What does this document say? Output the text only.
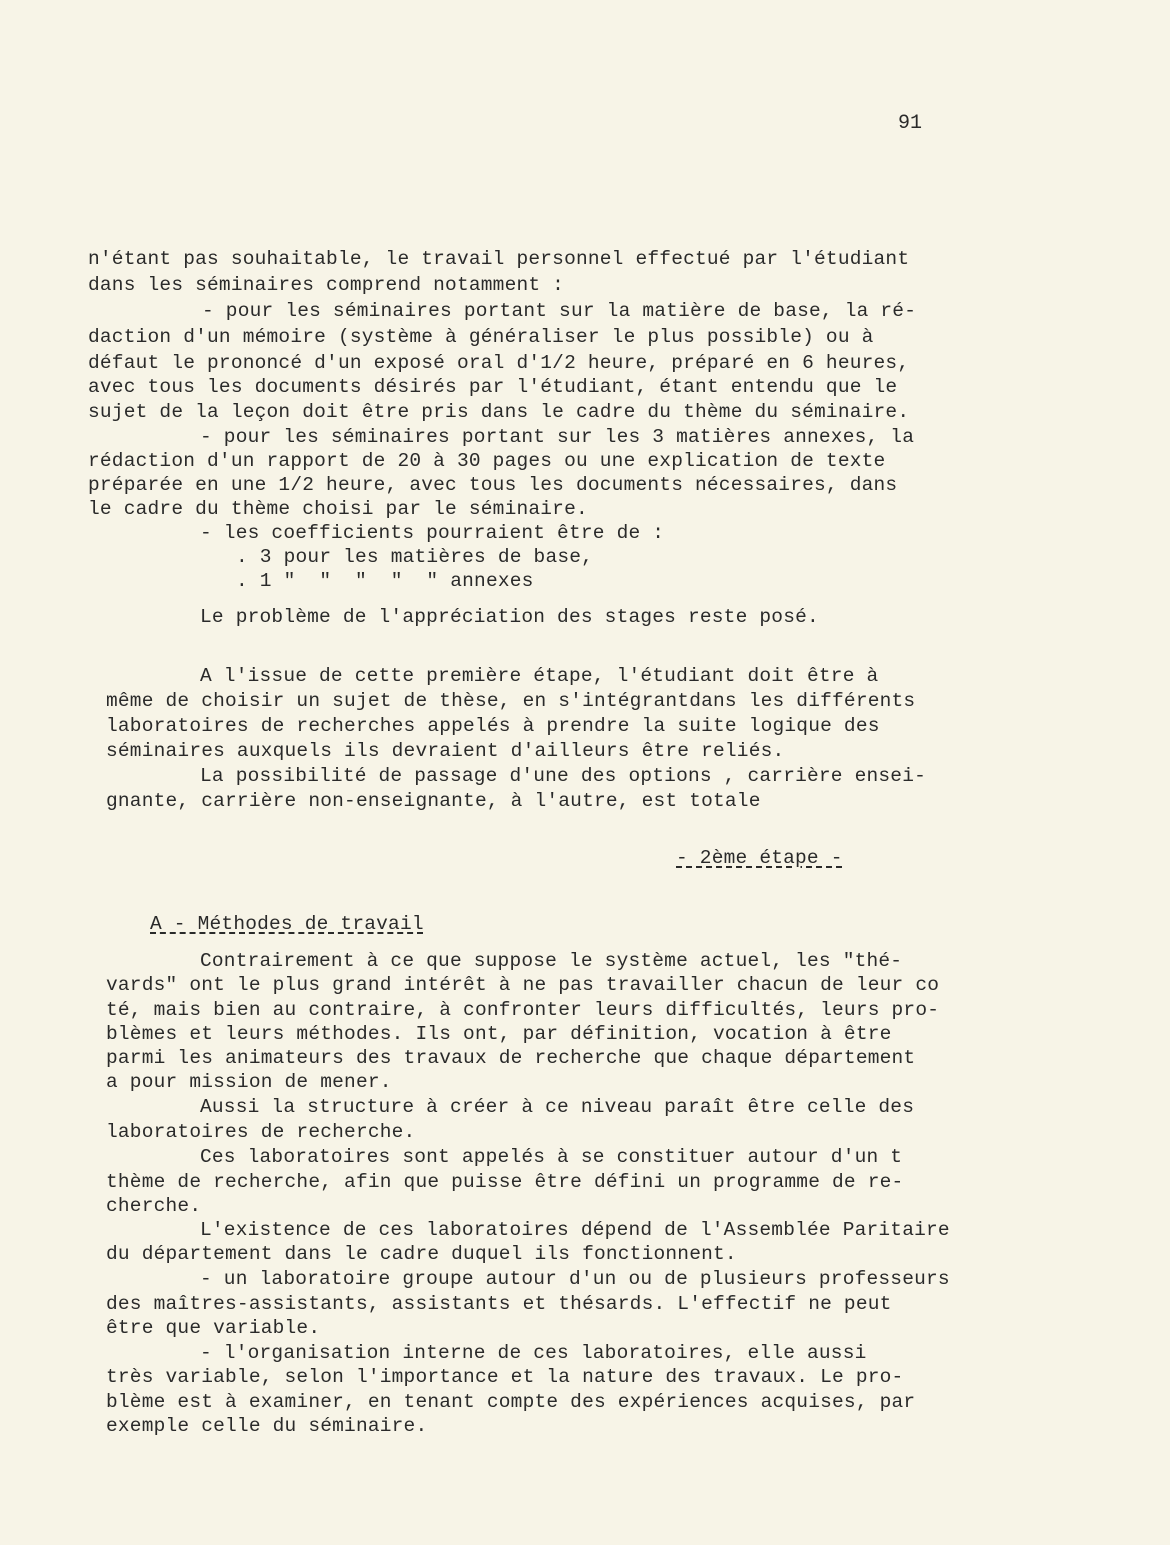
91
n'étant pas souhaitable, le travail personnel effectué par l'étudiant
dans les séminaires comprend notamment :
- pour les séminaires portant sur la matière de base, la ré-
daction d'un mémoire (système à généraliser le plus possible) ou à
défaut le prononcé d'un exposé oral d'1/2 heure, préparé en 6 heures,
avec tous les documents désirés par l'étudiant, étant entendu que le
sujet de la leçon doit être pris dans le cadre du thème du séminaire.
- pour les séminaires portant sur les 3 matières annexes, la
rédaction d'un rapport de 20 à 30 pages ou une explication de texte
préparée en une 1/2 heure, avec tous les documents nécessaires, dans
le cadre du thème choisi par le séminaire.
- les coefficients pourraient être de :
. 3 pour les matières de base,
. 1 "  "  "  "  " annexes
Le problème de l'appréciation des stages reste posé.
A l'issue de cette première étape, l'étudiant doit être à
même de choisir un sujet de thèse, en s'intégrantdans les différents
laboratoires de recherches appelés à prendre la suite logique des
séminaires auxquels ils devraient d'ailleurs être reliés.
La possibilité de passage d'une des options , carrière ensei-
gnante, carrière non-enseignante, à l'autre, est totale
- 2ème étape -
A - Méthodes de travail
Contrairement à ce que suppose le système actuel, les "thé-
vards" ont le plus grand intérêt à ne pas travailler chacun de leur co
té, mais bien au contraire, à confronter leurs difficultés, leurs pro-
blèmes et leurs méthodes. Ils ont, par définition, vocation à être
parmi les animateurs des travaux de recherche que chaque département
a pour mission de mener.
Aussi la structure à créer à ce niveau paraît être celle des
laboratoires de recherche.
Ces laboratoires sont appelés à se constituer autour d'un t
thème de recherche, afin que puisse être défini un programme de re-
cherche.
L'existence de ces laboratoires dépend de l'Assemblée Paritaire
du département dans le cadre duquel ils fonctionnent.
- un laboratoire groupe autour d'un ou de plusieurs professeurs
des maîtres-assistants, assistants et thésards. L'effectif ne peut
être que variable.
- l'organisation interne de ces laboratoires, elle aussi
très variable, selon l'importance et la nature des travaux. Le pro-
blème est à examiner, en tenant compte des expériences acquises, par
exemple celle du séminaire.
